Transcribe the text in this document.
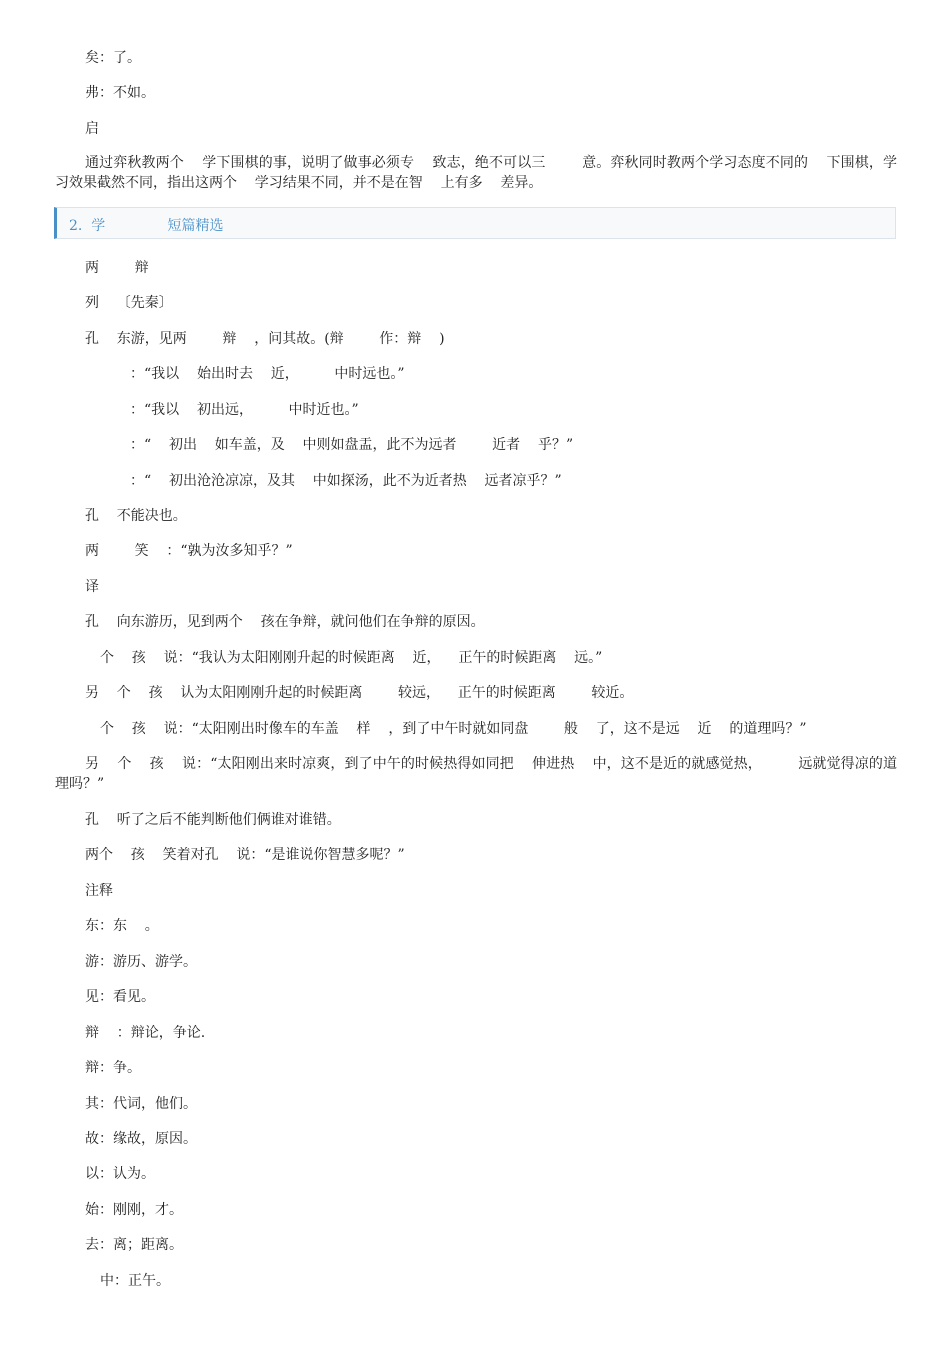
矣：了。

弗：不如。

启

通过弈秋教两个    学下围棋的事，说明了做事必须专    致志，绝不可以三        意。弈秋同时教两个学习态度不同的    下围棋，学习效果截然不同，指出这两个    学习结果不同，并不是在智    上有多    差异。

2.  学              短篇精选

两        辩

列    〔先秦〕

孔    东游，见两        辩    ，问其故。(辩        作：辩    )

：“我以    始出时去    近，        中时远也。”

：“我以    初出远，        中时近也。”

：“    初出    如车盖，及    中则如盘盂，此不为远者        近者    乎？”

：“    初出沧沧凉凉，及其    中如探汤，此不为近者热    远者凉乎？”

孔    不能决也。

两        笑    ：“孰为汝多知乎？”

译

孔    向东游历，见到两个    孩在争辩，就问他们在争辩的原因。

个    孩    说：“我认为太阳刚刚升起的时候距离    近，    正午的时候距离    远。”

另    个    孩    认为太阳刚刚升起的时候距离        较远，    正午的时候距离        较近。

个    孩    说：“太阳刚出时像车的车盖    样    ，到了中午时就如同盘        般    了，这不是远    近    的道理吗？”

另    个    孩    说：“太阳刚出来时凉爽，到了中午的时候热得如同把    伸进热    中，这不是近的就感觉热，        远就觉得凉的道理吗？”

孔    听了之后不能判断他们俩谁对谁错。

两个    孩    笑着对孔    说：“是谁说你智慧多呢？”

注释

东：东    。

游：游历、游学。

见：看见。

辩    ：辩论，争论.

辩：争。

其：代词，他们。

故：缘故，原因。

以：认为。

始：刚刚，才。

去：离；距离。

中：正午。
